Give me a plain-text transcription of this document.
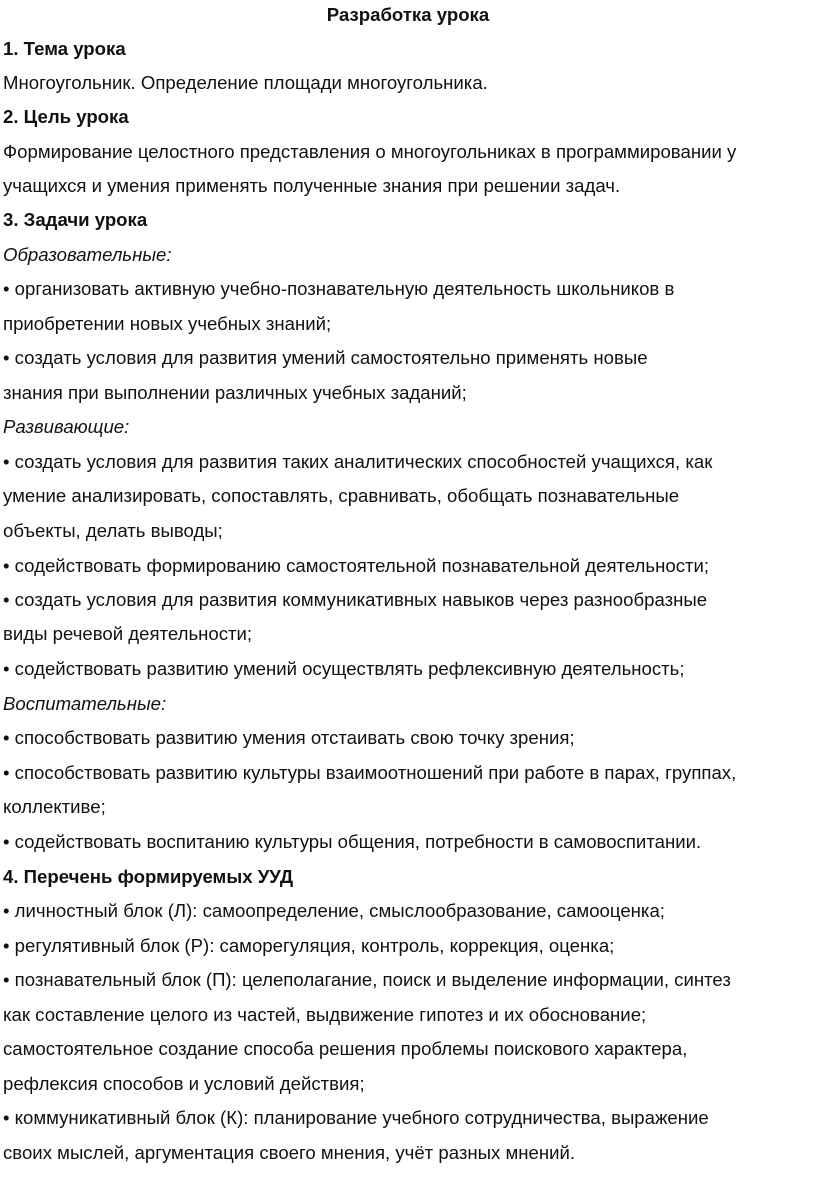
Разработка урока
1. Тема урока
Многоугольник. Определение площади многоугольника.
2. Цель урока
Формирование целостного представления о многоугольниках в программировании у
учащихся и умения применять полученные знания при решении задач.
3. Задачи урока
Образовательные:
• организовать активную учебно-познавательную деятельность школьников в
приобретении новых учебных знаний;
• создать условия для развития умений самостоятельно применять новые
знания при выполнении различных учебных заданий;
Развивающие:
• создать условия для развития таких аналитических способностей учащихся, как
умение анализировать, сопоставлять, сравнивать, обобщать познавательные
объекты, делать выводы;
• содействовать формированию самостоятельной познавательной деятельности;
• создать условия для развития коммуникативных навыков через разнообразные
виды речевой деятельности;
• содействовать развитию умений осуществлять рефлексивную деятельность;
Воспитательные:
• способствовать развитию умения отстаивать свою точку зрения;
• способствовать развитию культуры взаимоотношений при работе в парах, группах,
коллективе;
• содействовать воспитанию культуры общения, потребности в самовоспитании.
4. Перечень формируемых УУД
• личностный блок (Л): самоопределение, смыслообразование, самооценка;
• регулятивный блок (Р): саморегуляция, контроль, коррекция, оценка;
• познавательный блок (П): целеполагание, поиск и выделение информации, синтез
как составление целого из частей, выдвижение гипотез и их обоснование;
самостоятельное создание способа решения проблемы поискового характера,
рефлексия способов и условий действия;
• коммуникативный блок (К): планирование учебного сотрудничества, выражение
своих мыслей, аргументация своего мнения, учёт разных мнений.
